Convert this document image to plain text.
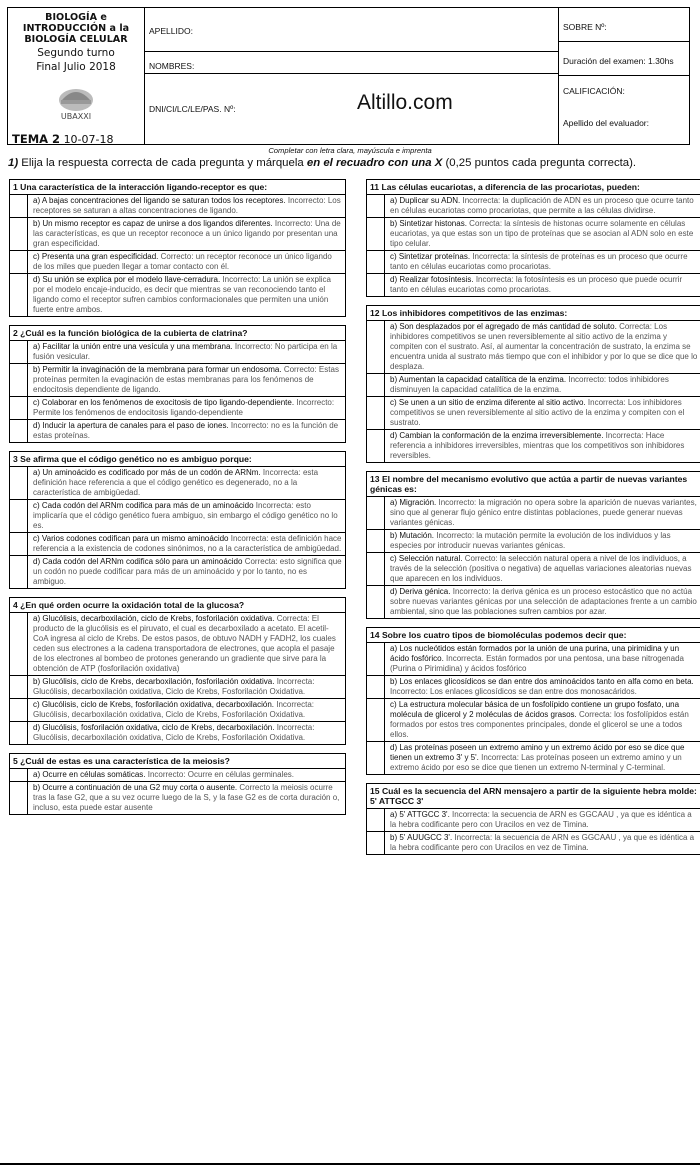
BIOLOGÍA e INTRODUCCIÓN a la BIOLOGÍA CELULAR
Segundo turno
Final Julio 2018
UBAXXI
TEMA 2 10-07-18
APELLIDO:
NOMBRES:
DNI/CI/LC/LE/PAS. Nº:	Altillo.com
SOBRE Nº:
Duración del examen: 1.30hs
CALIFICACIÓN:
Apellido del evaluador:
Completar con letra clara, mayúscula e imprenta
1) Elija la respuesta correcta de cada pregunta y márquela en el recuadro con una X (0,25 puntos cada pregunta correcta).
1 Una característica de la interacción ligando-receptor es que:
a) A bajas concentraciones del ligando se saturan todos los receptores. Incorrecto: Los receptores se saturan a altas concentraciones de ligando.
b) Un mismo receptor es capaz de unirse a dos ligandos diferentes. Incorrecto: Una de las características, es que un receptor reconoce a un único ligando por presentan una gran especificidad.
c) Presenta una gran especificidad. Correcto: un receptor reconoce un único ligando de los miles que pueden llegar a tomar contacto con él.
d) Su unión se explica por el modelo llave-cerradura. Incorrecto: La unión se explica por el modelo encaje-inducido, es decir que mientras se van reconociendo tanto el ligando como el receptor sufren cambios conformacionales que permiten una unión fuerte entre ambos.
2 ¿Cuál es la función biológica de la cubierta de clatrina?
a) Facilitar la unión entre una vesícula y una membrana. Incorrecto: No participa en la fusión vesicular.
b) Permitir la invaginación de la membrana para formar un endosoma. Correcto: Estas proteínas permiten la evaginación de estas membranas para los fenómenos de endocitosis dependiente de ligando.
c) Colaborar en los fenómenos de exocitosis de tipo ligando-dependiente. Incorrecto: Permite los fenómenos de endocitosis ligando-dependiente
d) Inducir la apertura de canales para el paso de iones. Incorrecto: no es la función de estas proteínas.
3 Se afirma que el código genético no es ambiguo porque:
a) Un aminoácido es codificado por más de un codón de ARNm. Incorrecta: esta definición hace referencia a que el código genético es degenerado, no a la característica de ambigüedad.
c) Cada codón del ARNm codifica para más de un aminoácido Incorrecta: esto implicaría que el código genético fuera ambiguo, sin embargo el código genético no lo es.
c) Varios codones codifican para un mismo aminoácido Incorrecta: esta definición hace referencia a la existencia de codones sinónimos, no a la característica de ambigüedad.
d) Cada codón del ARNm codifica sólo para un aminoácido Correcta: esto significa que un codón no puede codificar para más de un aminoácido y por lo tanto, no es ambiguo.
4 ¿En qué orden ocurre la oxidación total de la glucosa?
a) Glucólisis, decarboxilación, ciclo de Krebs, fosforilación oxidativa. Correcta: El producto de la glucólisis es el piruvato, el cual es decarboxilado a acetato. El acetil-CoA ingresa al ciclo de Krebs. De estos pasos, de obtuvo NADH y FADH2, los cuales ceden sus electrones a la cadena transportadora de electrones, que acopla el pasaje de los electrones al bombeo de protones generando un gradiente que sirve para la obtención de ATP (fosforilación oxidativa)
b) Glucólisis, ciclo de Krebs, decarboxilación, fosforilación oxidativa. Incorrecta: Glucólisis, decarboxilación oxidativa, Ciclo de Krebs, Fosforilación Oxidativa.
c) Glucólisis, ciclo de Krebs, fosforilación oxidativa, decarboxilación. Incorrecta: Glucólisis, decarboxilación oxidativa, Ciclo de Krebs, Fosforilación Oxidativa.
d) Glucólisis, fosforilación oxidativa, ciclo de Krebs, decarboxilación. Incorrecta: Glucólisis, decarboxilación oxidativa, Ciclo de Krebs, Fosforilación Oxidativa.
5 ¿Cuál de estas es una característica de la meiosis?
a) Ocurre en células somáticas. Incorrecto: Ocurre en células germinales.
b) Ocurre a continuación de una G2 muy corta o ausente. Correcto la meiosis ocurre tras la fase G2, que a su vez ocurre luego de la S, y la fase G2 es de corta duración o, incluso, esta puede estar ausente
11 Las células eucariotas, a diferencia de las procariotas, pueden:
a) Duplicar su ADN. Incorrecta: la duplicación de ADN es un proceso que ocurre tanto en células eucariotas como procariotas, que permite a las células dividirse.
b) Sintetizar histonas. Correcta: la síntesis de histonas ocurre solamente en células eucariotas, ya que estas son un tipo de proteínas que se asocian al ADN solo en este tipo celular.
c) Sintetizar proteínas. Incorrecta: la síntesis de proteínas es un proceso que ocurre tanto en células eucariotas como procariotas.
d) Realizar fotosíntesis. Incorrecta: la fotosíntesis es un proceso que puede ocurrir tanto en células eucariotas como procariotas.
12 Los inhibidores competitivos de las enzimas:
a) Son desplazados por el agregado de más cantidad de soluto. Correcta: Los inhibidores competitivos se unen reversiblemente al sitio activo de la enzima y compiten con el sustrato. Así, al aumentar la concentración de sustrato, la enzima se encuentra unida al sustrato más tiempo que con el inhibidor y por lo que se dice que lo desplaza.
b) Aumentan la capacidad catalítica de la enzima. Incorrecto: todos inhibidores disminuyen la capacidad catalítica de la enzima.
c) Se unen a un sitio de enzima diferente al sitio activo. Incorrecta: Los inhibidores competitivos se unen reversiblemente al sitio activo de la enzima y compiten con el sustrato.
d) Cambian la conformación de la enzima irreversiblemente. Incorrecta: Hace referencia a inhibidores irreversibles, mientras que los competitivos son inhibidores reversibles.
13 El nombre del mecanismo evolutivo que actúa a partir de nuevas variantes génicas es:
a) Migración. Incorrecto: la migración no opera sobre la aparición de nuevas variantes, sino que al generar flujo génico entre distintas poblaciones, puede generar nuevas variantes génicas.
b) Mutación. Incorrecto: la mutación permite la evolución de los individuos y las especies por introducir nuevas variantes génicas.
c) Selección natural. Correcto: la selección natural opera a nivel de los individuos, a través de la selección (positiva o negativa) de aquellas variaciones aleatorias nuevas que aparecen en los individuos.
d) Deriva génica. Incorrecto: la deriva génica es un proceso estocástico que no actúa sobre nuevas variantes génicas por una selección de adaptaciones frente a un cambio ambiental, sino que las poblaciones sufren cambios por azar.
14 Sobre los cuatro tipos de biomoléculas podemos decir que:
a) Los nucleótidos están formados por la unión de una purina, una pirimidina y un ácido fosfórico. Incorrecta. Están formados por una pentosa, una base nitrogenada (Purina o Pirimidina) y ácidos fosfórico
b) Los enlaces glicosídicos se dan entre dos aminoácidos tanto en alfa como en beta. Incorrecto: Los enlaces glicosídicos se dan entre dos monosacáridos.
c) La estructura molecular básica de un fosfolípido contiene un grupo fosfato, una molécula de glicerol y 2 moléculas de ácidos grasos. Correcta: los fosfolípidos están formados por estos tres componentes principales, donde el glicerol se une a todos ellos.
d) Las proteínas poseen un extremo amino y un extremo ácido por eso se dice que tienen un extremo 3' y 5'. Incorrecta: Las proteínas poseen un extremo amino y un extremo ácido por eso se dice que tienen un extremo N-terminal y C-terminal.
15 Cuál es la secuencia del ARN mensajero a partir de la siguiente hebra molde: 5' ATTGCC 3'
a) 5' ATTGCC 3'. Incorrecta: la secuencia de ARN es GGCAAU , ya que es idéntica a la hebra codificante pero con Uracilos en vez de Timina.
b) 5' AUUGCC 3'. Incorrecta: la secuencia de ARN es GGCAAU , ya que es idéntica a la hebra codificante pero con Uracilos en vez de Timina.
